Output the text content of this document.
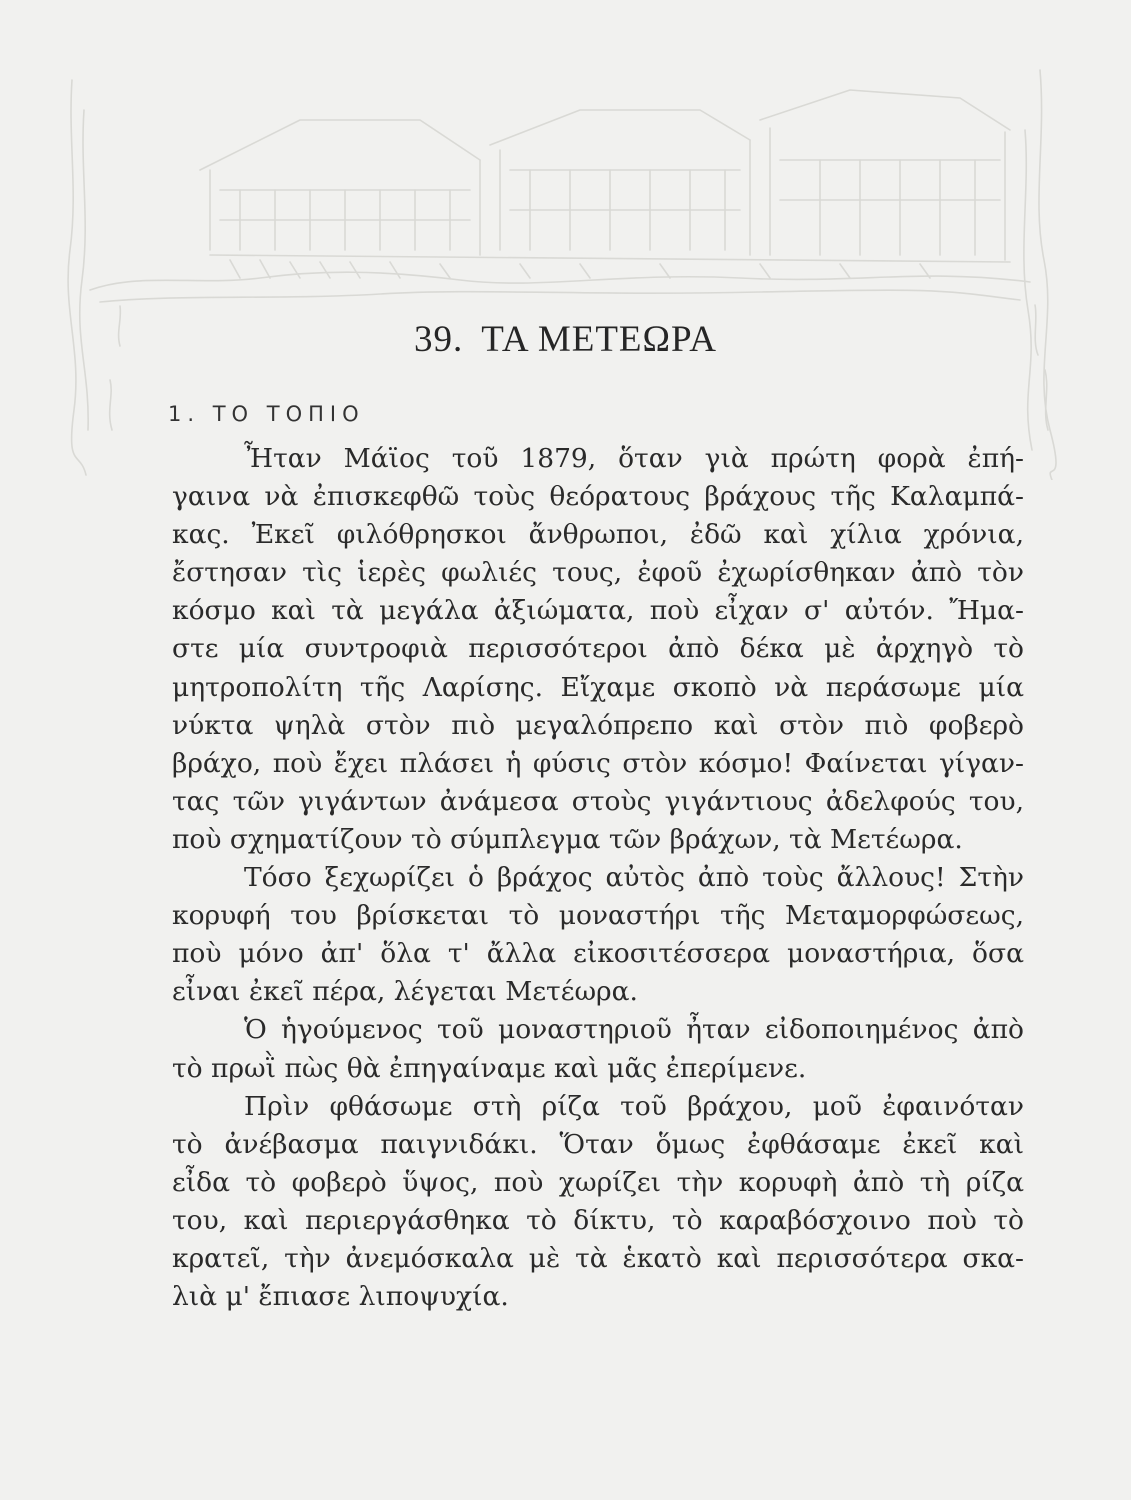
39. ΤΑ ΜΕΤΕΩΡΑ
1. ΤΟ ΤΟΠΙΟ
Ἦταν Μάϊος τοῦ 1879, ὅταν γιὰ πρώτη φορὰ ἐπή-
γαινα νὰ ἐπισκεφθῶ τοὺς θεόρατους βράχους τῆς Καλαμπά-
κας. Ἐκεῖ φιλόθρησκοι ἄνθρωποι, ἐδῶ καὶ χίλια χρόνια,
ἔστησαν τὶς ἱερὲς φωλιές τους, ἐφοῦ ἐχωρίσθηκαν ἀπὸ τὸν
κόσμο καὶ τὰ μεγάλα ἀξιώματα, ποὺ εἶχαν σ' αὐτόν. Ἤμα-
στε μία συντροφιὰ περισσότεροι ἀπὸ δέκα μὲ ἀρχηγὸ τὸ
μητροπολίτη τῆς Λαρίσης. Εἴχαμε σκοπὸ νὰ περάσωμε μία
νύκτα ψηλὰ στὸν πιὸ μεγαλόπρεπο καὶ στὸν πιὸ φοβερὸ
βράχο, ποὺ ἔχει πλάσει ἡ φύσις στὸν κόσμο! Φαίνεται γίγαν-
τας τῶν γιγάντων ἀνάμεσα στοὺς γιγάντιους ἀδελφούς του,
ποὺ σχηματίζουν τὸ σύμπλεγμα τῶν βράχων, τὰ Μετέωρα.
Τόσο ξεχωρίζει ὁ βράχος αὐτὸς ἀπὸ τοὺς ἄλλους! Στὴν
κορυφή του βρίσκεται τὸ μοναστήρι τῆς Μεταμορφώσεως,
ποὺ μόνο ἀπ' ὅλα τ' ἄλλα εἰκοσιτέσσερα μοναστήρια, ὅσα
εἶναι ἐκεῖ πέρα, λέγεται Μετέωρα.
Ὁ ἡγούμενος τοῦ μοναστηριοῦ ἦταν εἰδοποιημένος ἀπὸ
τὸ πρωῒ πὼς θὰ ἐπηγαίναμε καὶ μᾶς ἐπερίμενε.
Πρὶν φθάσωμε στὴ ρίζα τοῦ βράχου, μοῦ ἐφαινόταν
τὸ ἀνέβασμα παιγνιδάκι. Ὅταν ὅμως ἐφθάσαμε ἐκεῖ καὶ
εἶδα τὸ φοβερὸ ὕψος, ποὺ χωρίζει τὴν κορυφὴ ἀπὸ τὴ ρίζα
του, καὶ περιεργάσθηκα τὸ δίκτυ, τὸ καραβόσχοινο ποὺ τὸ
κρατεῖ, τὴν ἀνεμόσκαλα μὲ τὰ ἑκατὸ καὶ περισσότερα σκα-
λιὰ μ' ἔπιασε λιποψυχία.
